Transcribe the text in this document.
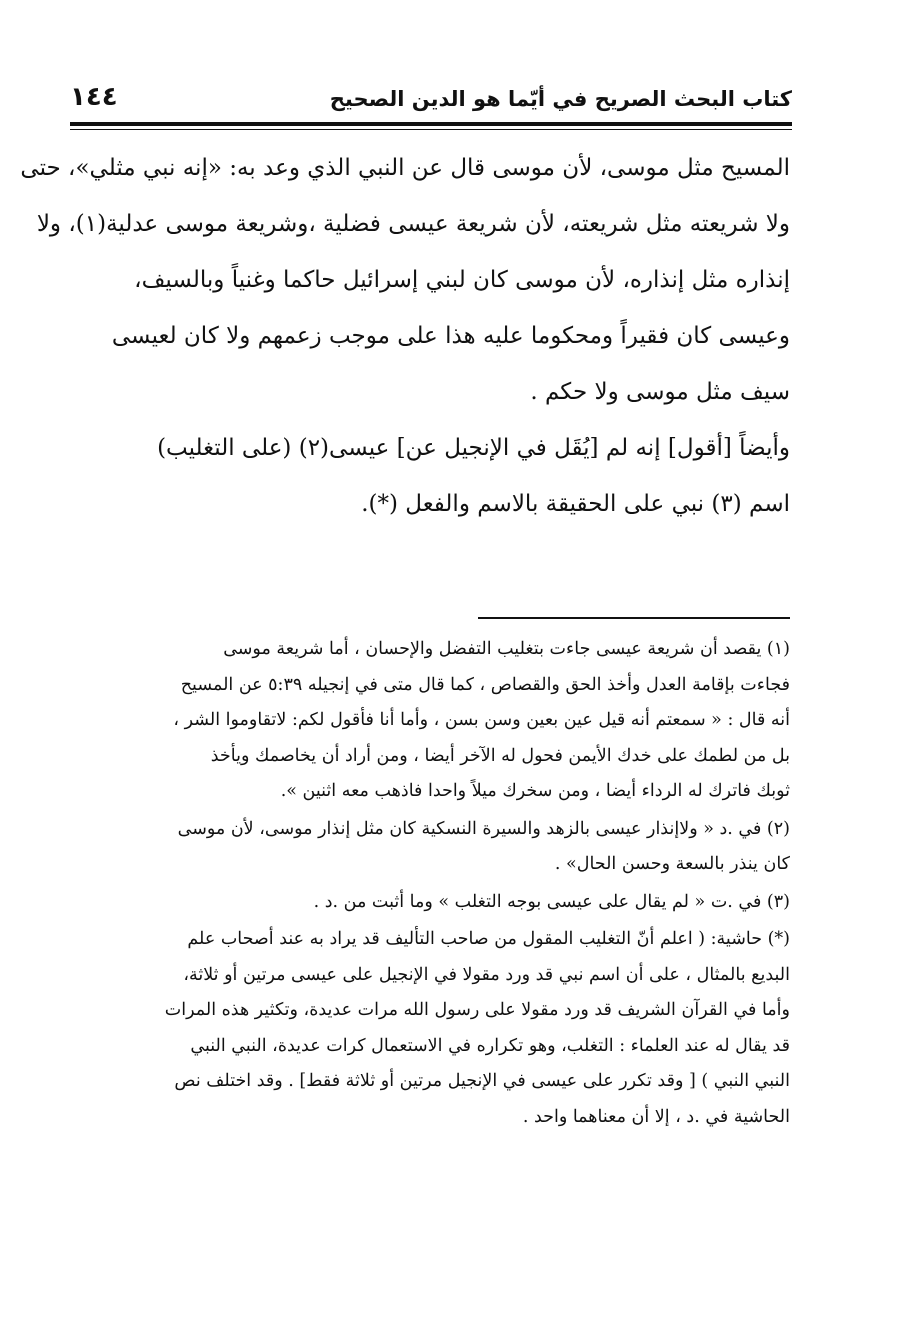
كتاب البحث الصريح في أيّما هو الدين الصحيح
١٤٤
المسيح مثل موسى، لأن موسى قال عن النبي الذي وعد به: «إنه نبي مثلي»، حتى
ولا شريعته مثل شريعته، لأن شريعة عيسى فضلية ،وشريعة موسى عدلية(١)، ولا
إنذاره مثل إنذاره، لأن موسى كان لبني إسرائيل حاكما وغنياً وبالسيف،
وعيسى كان فقيراً ومحكوما عليه هذا على موجب زعمهم ولا كان لعيسى
سيف مثل موسى ولا حكم .
وأيضاً [أقول] إنه لم [يُقَل في الإنجيل عن] عيسى(٢) (على التغليب)
اسم (٣) نبي على الحقيقة بالاسم والفعل (*).
(١) يقصد أن شريعة عيسى جاءت بتغليب التفضل والإحسان ، أما شريعة موسى
فجاءت بإقامة العدل وأخذ الحق والقصاص ، كما قال متى في إنجيله ٥:٣٩ عن المسيح
أنه قال : « سمعتم أنه قيل عين بعين وسن بسن ، وأما أنا فأقول لكم: لاتقاوموا الشر ،
بل من لطمك على خدك الأيمن فحول له الآخر أيضا ، ومن أراد أن يخاصمك ويأخذ
ثوبك فاترك له الرداء أيضا ، ومن سخرك ميلاً واحدا فاذهب معه اثنين ».
(٢) في .د « ولاإنذار عيسى بالزهد والسيرة النسكية كان مثل إنذار موسى، لأن موسى
كان ينذر بالسعة وحسن الحال» .
(٣) في .ت « لم يقال على عيسى بوجه التغلب » وما أثبت من .د .
(*) حاشية: ( اعلم أنّ التغليب المقول من صاحب التأليف قد يراد به عند أصحاب علم
البديع بالمثال ، على أن اسم نبي قد ورد مقولا في الإنجيل على عيسى مرتين أو ثلاثة،
وأما في القرآن الشريف قد ورد مقولا على رسول الله مرات عديدة، وتكثير هذه المرات
قد يقال له عند العلماء : التغلب، وهو تكراره في الاستعمال كرات عديدة، النبي النبي
النبي النبي ) [ وقد تكرر على عيسى في الإنجيل مرتين أو ثلاثة فقط] . وقد اختلف نص
الحاشية في .د ، إلا أن معناهما واحد .
